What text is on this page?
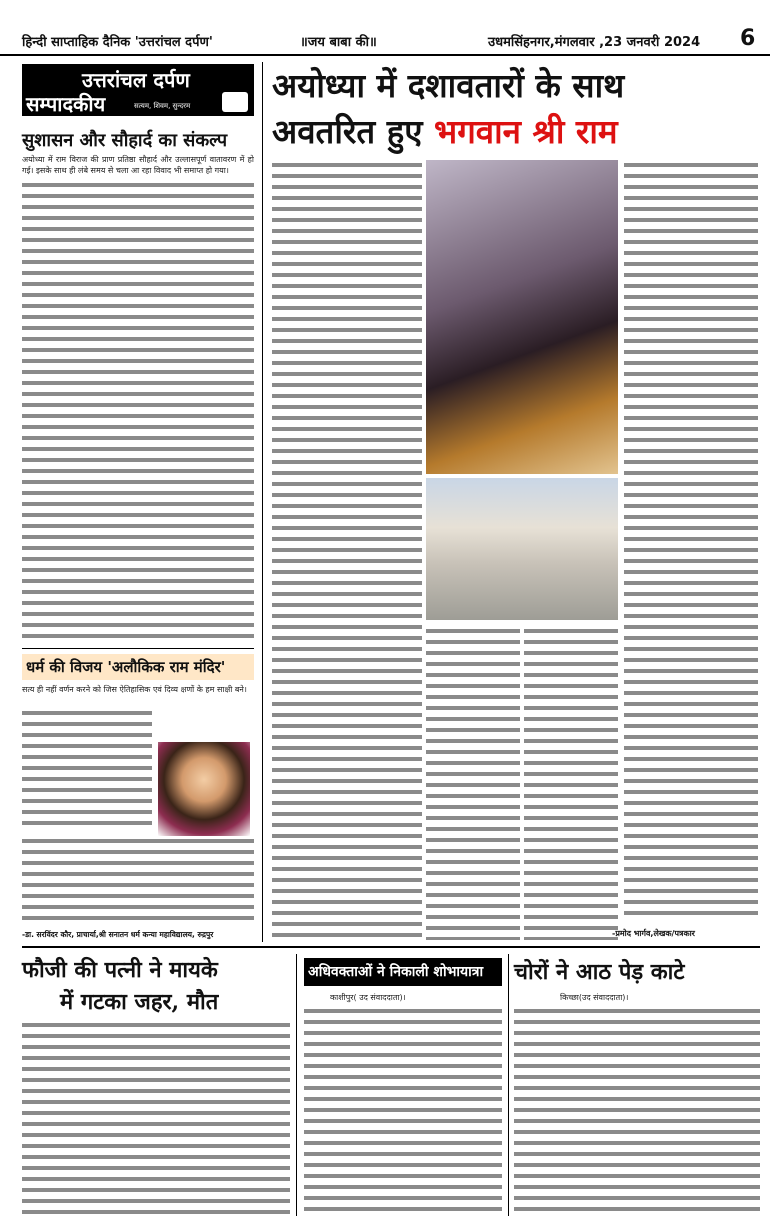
हिन्दी साप्ताहिक दैनिक 'उत्तरांचल दर्पण'	॥जय बाबा की॥	उधमसिंहनगर,मंगलवार ,23 जनवरी 2024 6
उत्तरांचल दर्पण
सम्पादकीय	सत्यम, शिवम, सुन्दरम
सुशासन और सौहार्द का संकल्प
अयोध्या में राम विराज की प्राण प्रतिष्ठा सौहार्द और उल्लासपूर्ण वातावरण में हो गई। इसके साथ ही लंबे समय से चला आ रहा विवाद भी समाप्त हो गया।
धर्म की विजय 'अलौकिक राम मंदिर'
सत्य ही नहीं वर्णन करने को जिस ऐतिहासिक एवं दिव्य क्षणों के हम साक्षी बने।
-डा. सरविंदर कौर, प्राचार्या,श्री सनातन धर्म कन्या महाविद्यालय, रुद्रपुर
अयोध्या में दशावतारों के साथ
अवतरित हुए भगवान श्री राम
-प्रमोद भार्गव,लेखक/पत्रकार
फौजी की पत्नी ने मायके
में गटका जहर, मौत
अधिवक्ताओं ने निकाली शोभायात्रा
काशीपुर( उद संवाददाता)।
चोरों ने आठ पेड़ काटे
किच्छा(उद संवाददाता)।
